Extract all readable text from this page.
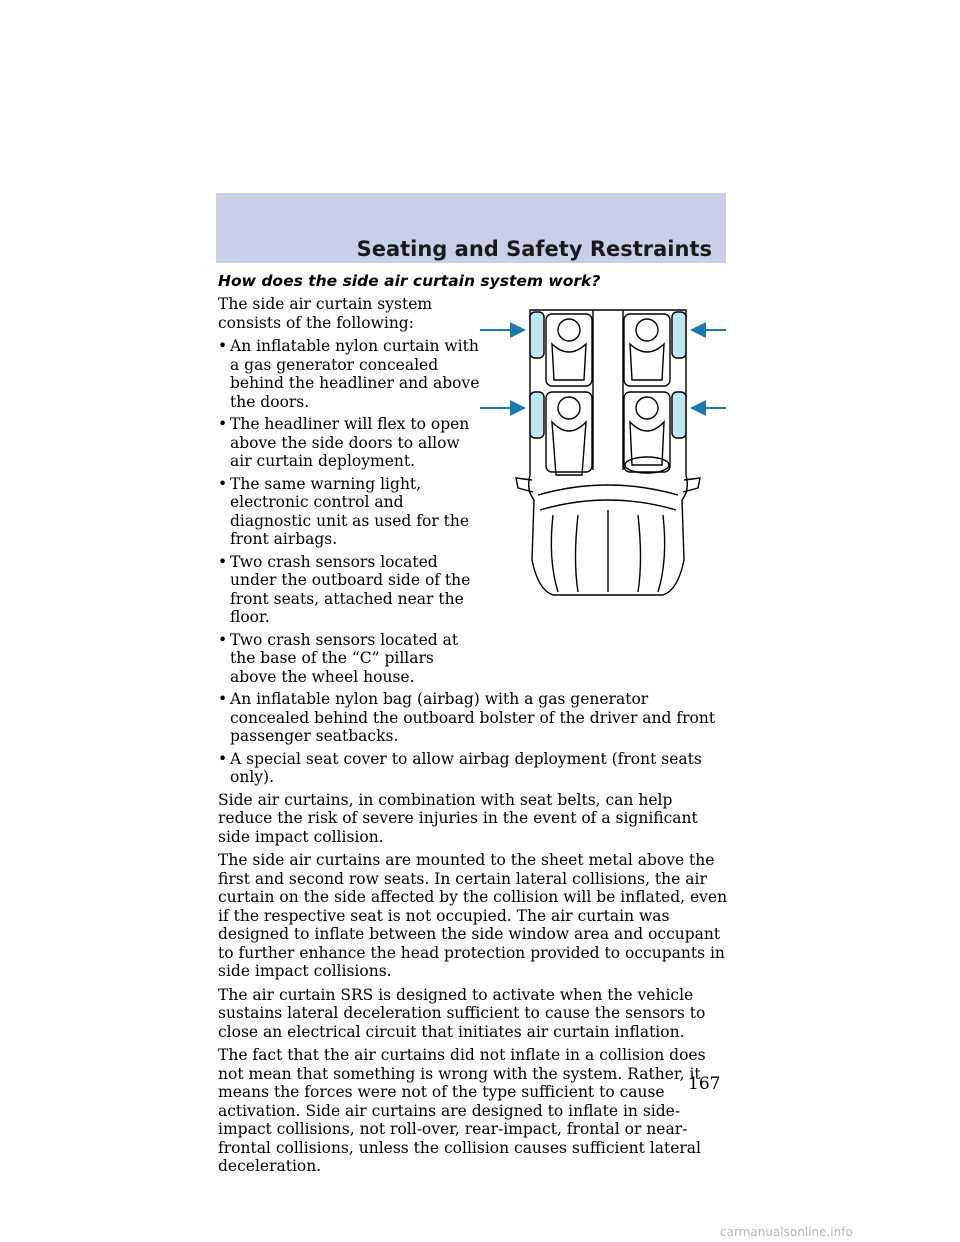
Seating and Safety Restraints
How does the side air curtain system work?
The side air curtain system consists of the following:
• An inflatable nylon curtain with a gas generator concealed behind the headliner and above the doors.
• The headliner will flex to open above the side doors to allow air curtain deployment.
• The same warning light, electronic control and diagnostic unit as used for the front airbags.
• Two crash sensors located under the outboard side of the front seats, attached near the floor.
• Two crash sensors located at the base of the “C” pillars above the wheel house.
• An inflatable nylon bag (airbag) with a gas generator concealed behind the outboard bolster of the driver and front passenger seatbacks.
• A special seat cover to allow airbag deployment (front seats only).
Side air curtains, in combination with seat belts, can help reduce the risk of severe injuries in the event of a significant side impact collision.
The side air curtains are mounted to the sheet metal above the first and second row seats. In certain lateral collisions, the air curtain on the side affected by the collision will be inflated, even if the respective seat is not occupied. The air curtain was designed to inflate between the side window area and occupant to further enhance the head protection provided to occupants in side impact collisions.
The air curtain SRS is designed to activate when the vehicle sustains lateral deceleration sufficient to cause the sensors to close an electrical circuit that initiates air curtain inflation.
The fact that the air curtains did not inflate in a collision does not mean that something is wrong with the system. Rather, it means the forces were not of the type sufficient to cause activation. Side air curtains are designed to inflate in side-impact collisions, not roll-over, rear-impact, frontal or near-frontal collisions, unless the collision causes sufficient lateral deceleration.
167
carmanualsonline.info
